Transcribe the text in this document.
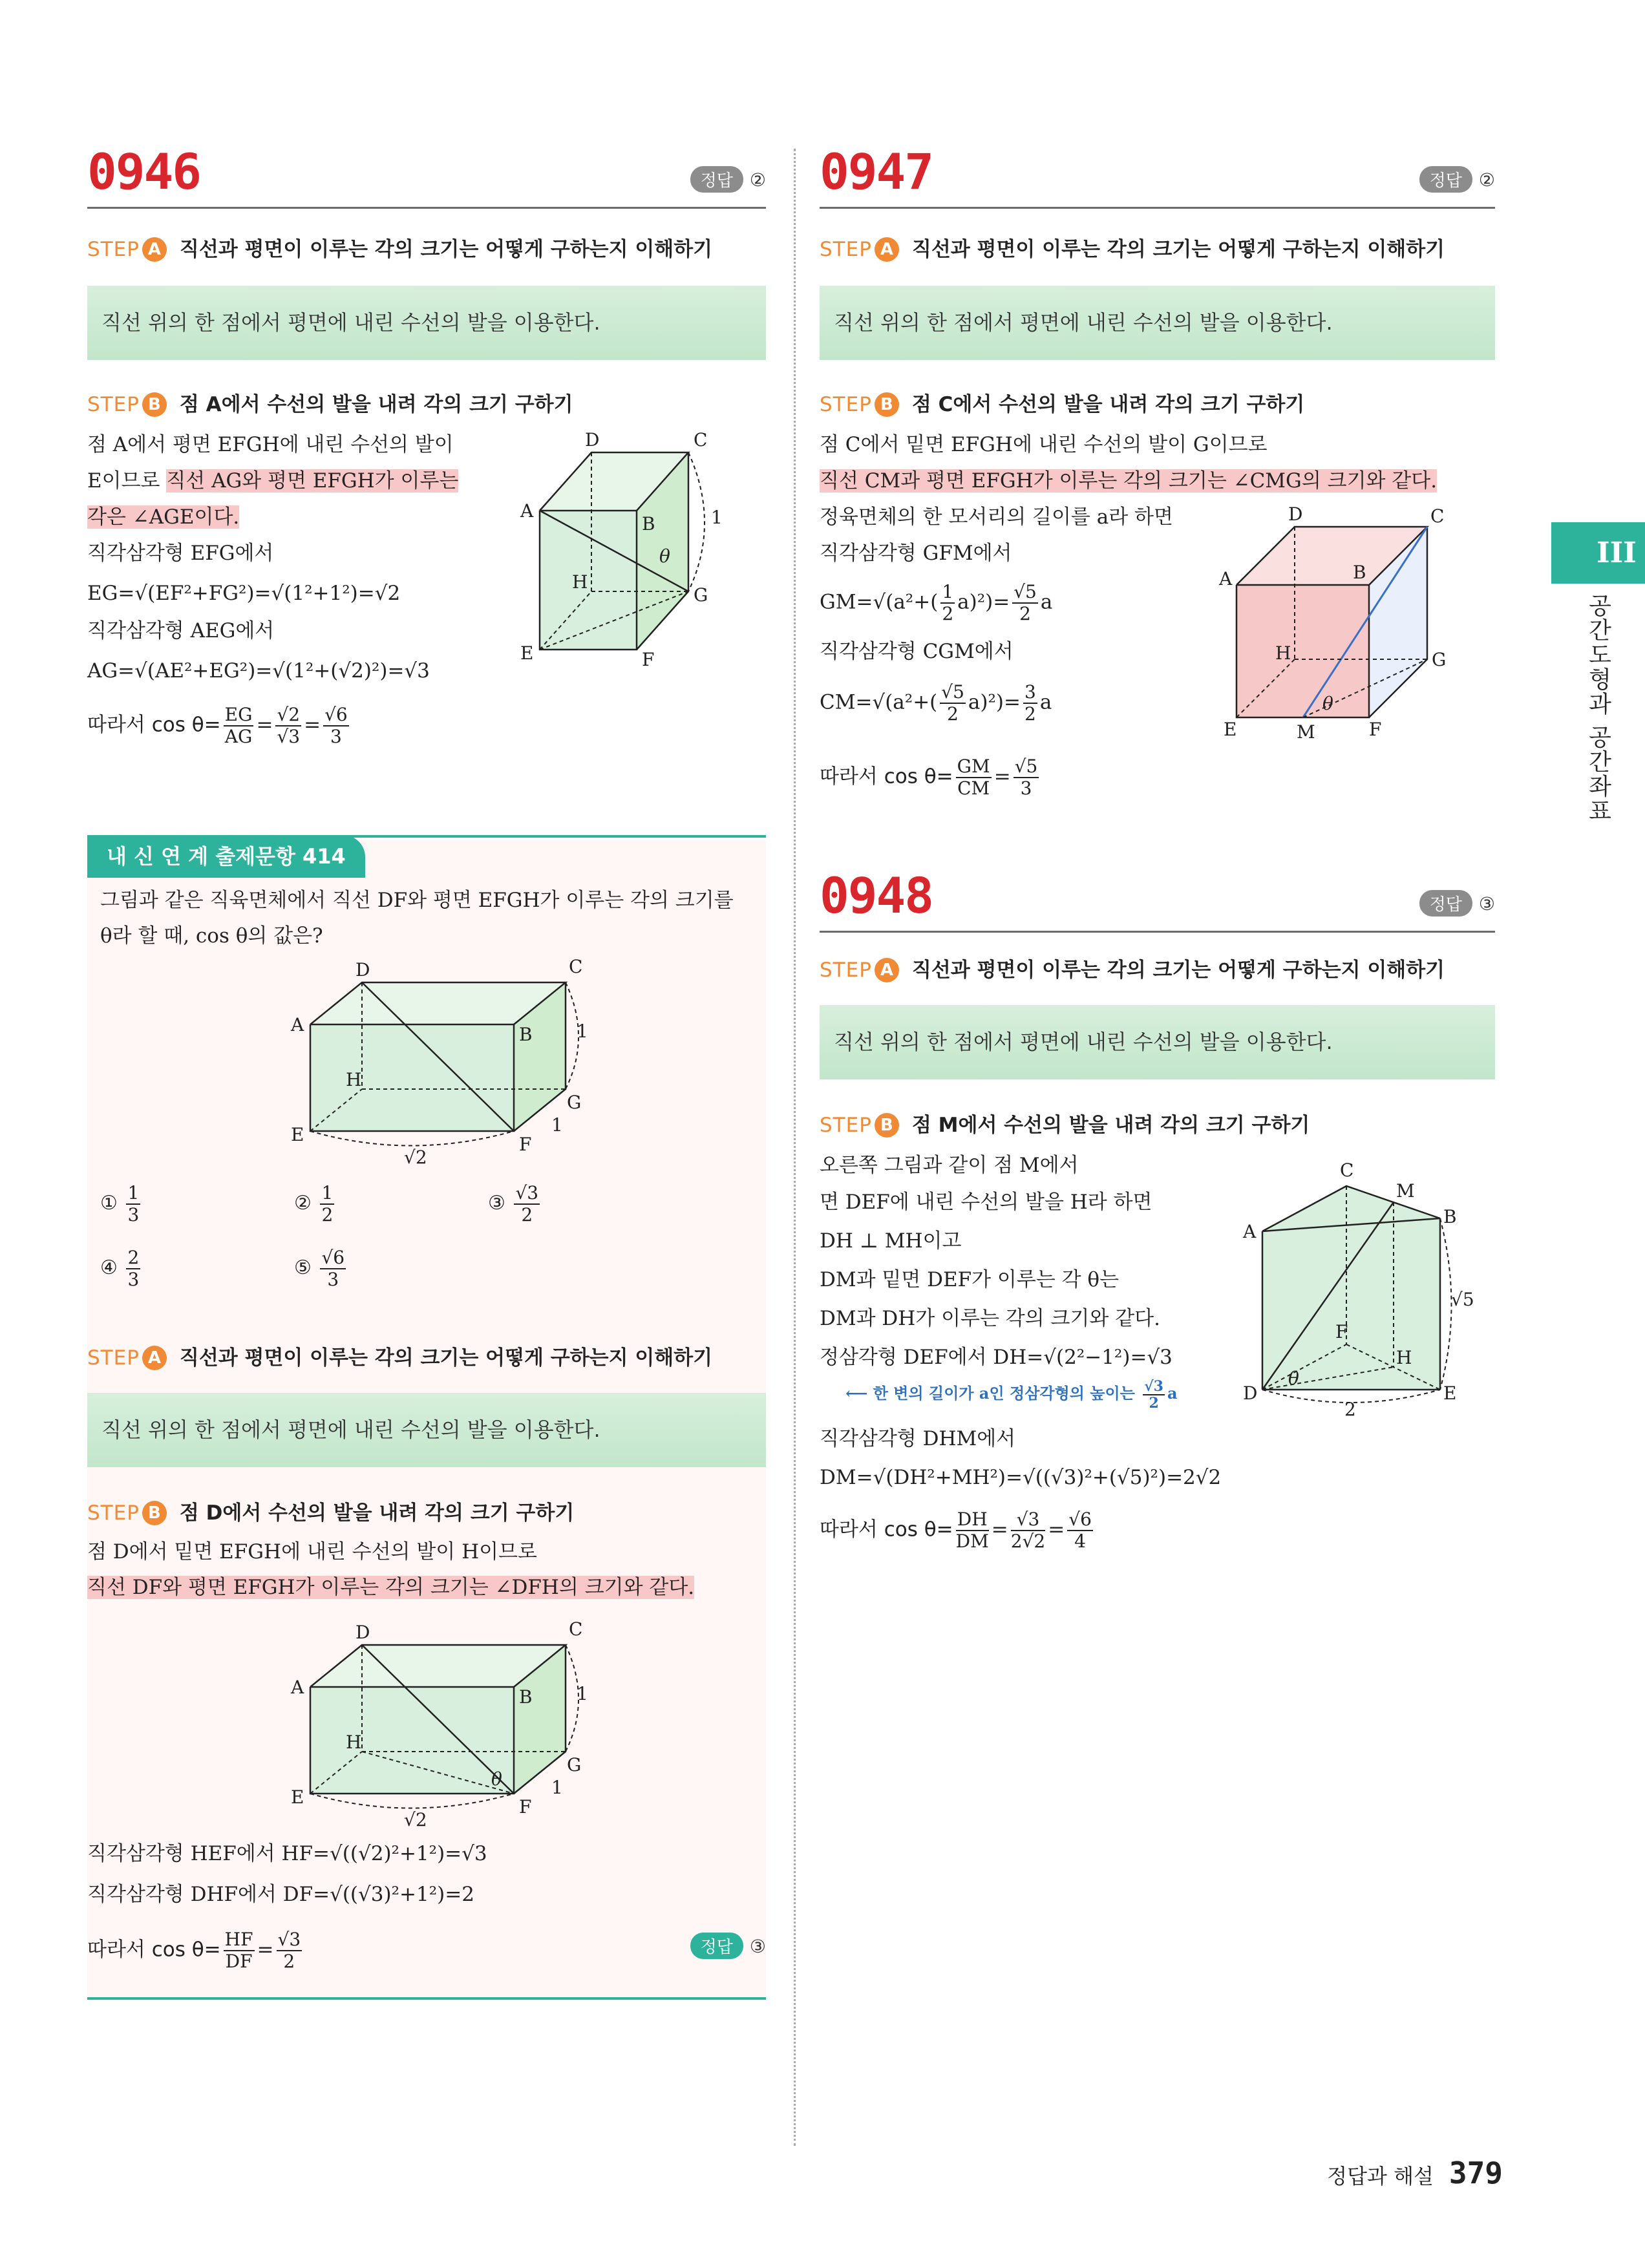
0946	정답 ②
STEP A 직선과 평면이 이루는 각의 크기는 어떻게 구하는지 이해하기
직선 위의 한 점에서 평면에 내린 수선의 발을 이용한다.
STEP B 점 A에서 수선의 발을 내려 각의 크기 구하기
점 A에서 평면 EFGH에 내린 수선의 발이
E이므로 직선 AG와 평면 EFGH가 이루는
각은 ∠AGE이다.
직각삼각형 EFG에서
EG=√(EF²+FG²)=√(1²+1²)=√2
직각삼각형 AEG에서
AG=√(AE²+EG²)=√(1²+(√2)²)=√3
따라서 $\cos \theta= \frac{EG}{AG} = \frac{√2}{√3} = \frac{√6}{3}$
D	C
A
B
H
G
E	F
1
θ
내 신 연 계 출제문항 414
그림과 같은 직육면체에서 직선 DF와 평면 EFGH가 이루는 각의 크기를
θ라 할 때, cos θ의 값은?
D	C
A	B
H
G
E	F
1
1
√2
① $\frac{1}{3}$	② $\frac{1}{2}$	③ $\frac{√3}{2}$
④ $\frac{2}{3}$	⑤ $\frac{√6}{3}$
STEP A 직선과 평면이 이루는 각의 크기는 어떻게 구하는지 이해하기
직선 위의 한 점에서 평면에 내린 수선의 발을 이용한다.
STEP B 점 D에서 수선의 발을 내려 각의 크기 구하기
점 D에서 밑면 EFGH에 내린 수선의 발이 H이므로
직선 DF와 평면 EFGH가 이루는 각의 크기는 ∠DFH의 크기와 같다.
D	C
A	B
H
G
E	F
1
1
√2
θ
직각삼각형 HEF에서 HF=√((√2)²+1²)=√3
직각삼각형 DHF에서 DF=√((√3)²+1²)=2
따라서 $\cos \theta= \frac{HF}{DF} = \frac{√3}{2}$	정답 ③
0947	정답 ②
STEP A 직선과 평면이 이루는 각의 크기는 어떻게 구하는지 이해하기
직선 위의 한 점에서 평면에 내린 수선의 발을 이용한다.
STEP B 점 C에서 수선의 발을 내려 각의 크기 구하기
점 C에서 밑면 EFGH에 내린 수선의 발이 G이므로
직선 CM과 평면 EFGH가 이루는 각의 크기는 ∠CMG의 크기와 같다.
정육면체의 한 모서리의 길이를 a라 하면
직각삼각형 GFM에서
$GM=√(a^2+( \frac{1}{2} a)^2)= \frac{√5}{2}$ a
직각삼각형 CGM에서
$CM=√(a^2+( \frac{√5}{2} a)^2)= \frac{3}{2}$ a
따라서 $\cos \theta= \frac{GM}{CM} = \frac{√5}{3}$
D	C
A	B
H	G
E	M	F
θ
0948	정답 ③
STEP A 직선과 평면이 이루는 각의 크기는 어떻게 구하는지 이해하기
직선 위의 한 점에서 평면에 내린 수선의 발을 이용한다.
STEP B 점 M에서 수선의 발을 내려 각의 크기 구하기
오른쪽 그림과 같이 점 M에서
면 DEF에 내린 수선의 발을 H라 하면
DH ⊥ MH이고
DM과 밑면 DEF가 이루는 각 θ는
DM과 DH가 이루는 각의 크기와 같다.
정삼각형 DEF에서 DH=√(2²−1²)=√3
⟵ 한 변의 길이가 a인 정삼각형의 높이는 $\frac{√3}{2}$ a
직각삼각형 DHM에서
DM=√(DH²+MH²)=√((√3)²+(√5)²)=2√2
따라서 $\cos \theta= \frac{DH}{DM} = \frac{√3}{2√2} = \frac{√6}{4}$
C
M
A
B
F
H
D	E
2
√5
θ
III
공간도형과 공간좌표
정답과 해설 379
